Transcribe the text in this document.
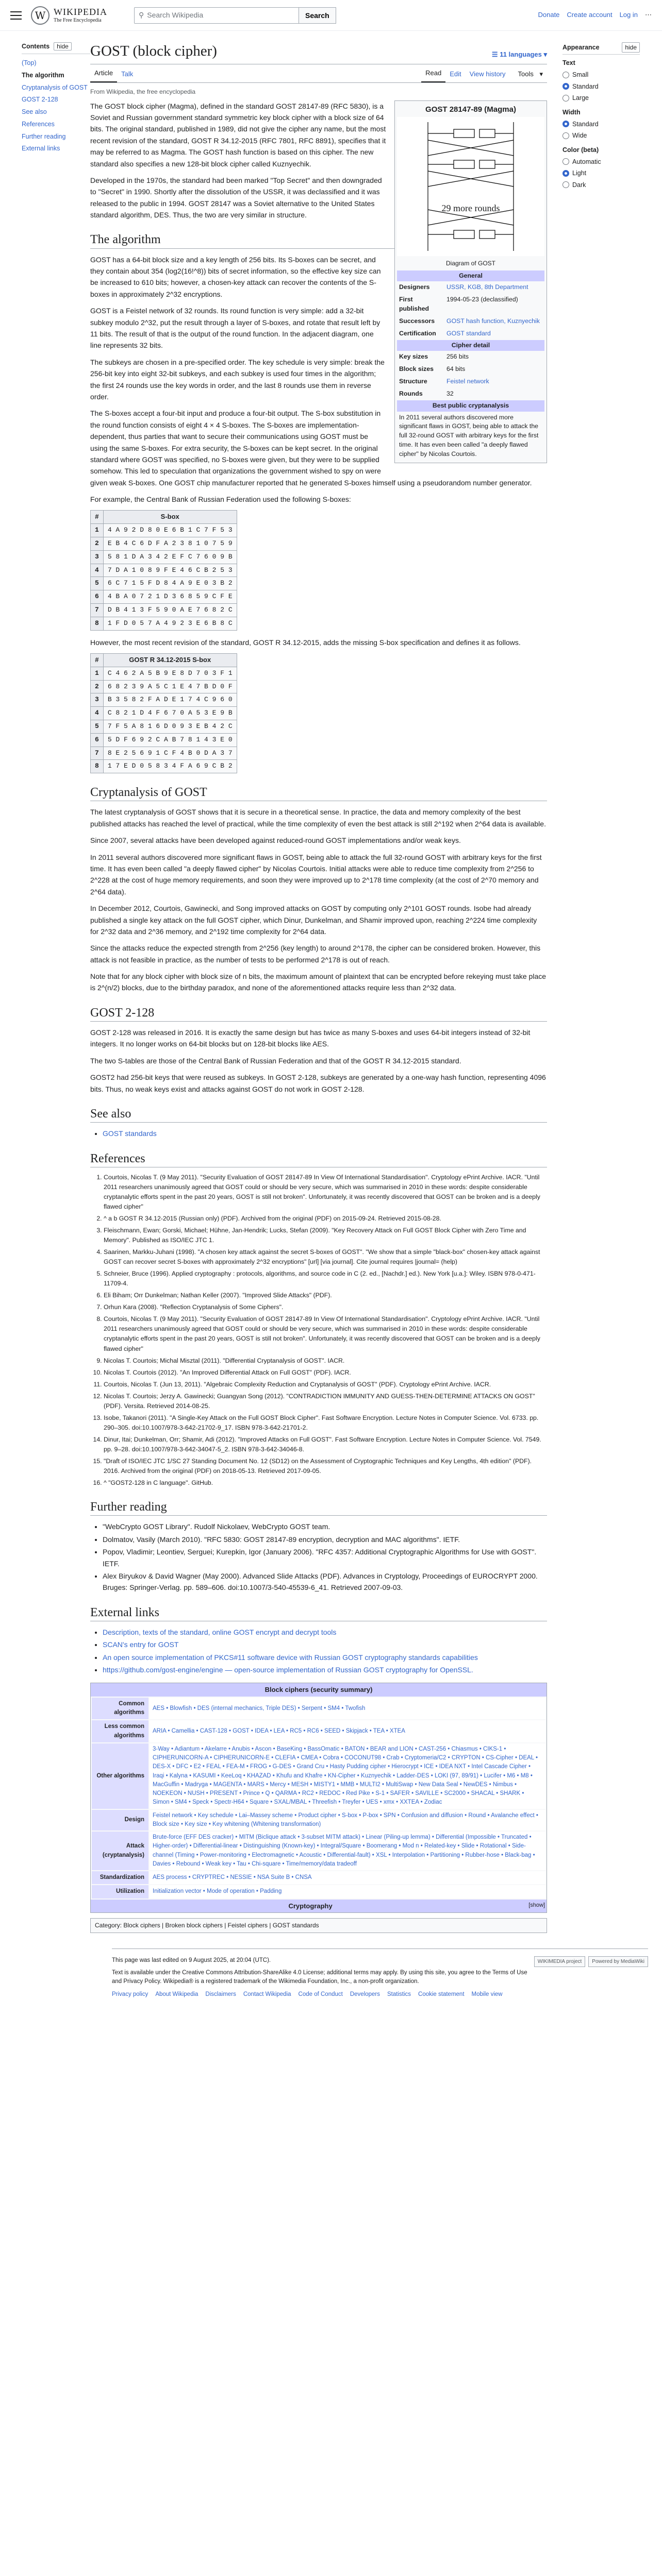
W WIKIPEDIA
The Free Encyclopedia
⚲ Search Wikipedia	Search	Donate Create account Log in ⋯
Contents hide
(Top)
The algorithm
Cryptanalysis of GOST
GOST 2-128
See also
References
Further reading
External links
GOST (block cipher)	☰ 11 languages ▾
Article	Talk	Read	Edit	View history	Tools ▾
From Wikipedia, the free encyclopedia
GOST 28147-89 (Magma)
29 more rounds
Diagram of GOST
General
Designers	USSR, KGB, 8th Department
First published	1994-05-23 (declassified)
Successors	GOST hash function, Kuznyechik
Certification	GOST standard
Cipher detail
Key sizes	256 bits
Block sizes	64 bits
Structure	Feistel network
Rounds	32
Best public cryptanalysis
In 2011 several authors discovered more significant flaws in GOST, being able to attack the full 32-round GOST with arbitrary keys for the first time. It has even been called "a deeply flawed cipher" by Nicolas Courtois.

The GOST block cipher (Magma), defined in the standard GOST 28147-89 (RFC 5830), is a Soviet and Russian government standard symmetric key block cipher with a block size of 64 bits. The original standard, published in 1989, did not give the cipher any name, but the most recent revision of the standard, GOST R 34.12-2015 (RFC 7801, RFC 8891), specifies that it may be referred to as Magma. The GOST hash function is based on this cipher. The new standard also specifies a new 128-bit block cipher called Kuznyechik.

Developed in the 1970s, the standard had been marked "Top Secret" and then downgraded to "Secret" in 1990. Shortly after the dissolution of the USSR, it was declassified and it was released to the public in 1994. GOST 28147 was a Soviet alternative to the United States standard algorithm, DES. Thus, the two are very similar in structure.

The algorithm

GOST has a 64-bit block size and a key length of 256 bits. Its S-boxes can be secret, and they contain about 354 (log2(16!^8)) bits of secret information, so the effective key size can be increased to 610 bits; however, a chosen-key attack can recover the contents of the S-boxes in approximately 2^32 encryptions.

GOST is a Feistel network of 32 rounds. Its round function is very simple: add a 32-bit subkey modulo 2^32, put the result through a layer of S-boxes, and rotate that result left by 11 bits. The result of that is the output of the round function. In the adjacent diagram, one line represents 32 bits.

The subkeys are chosen in a pre-specified order. The key schedule is very simple: break the 256-bit key into eight 32-bit subkeys, and each subkey is used four times in the algorithm; the first 24 rounds use the key words in order, and the last 8 rounds use them in reverse order.

The S-boxes accept a four-bit input and produce a four-bit output. The S-box substitution in the round function consists of eight 4 × 4 S-boxes. The S-boxes are implementation-dependent, thus parties that want to secure their communications using GOST must be using the same S-boxes. For extra security, the S-boxes can be kept secret. In the original standard where GOST was specified, no S-boxes were given, but they were to be supplied somehow. This led to speculation that organizations the government wished to spy on were given weak S-boxes. One GOST chip manufacturer reported that he generated S-boxes himself using a pseudorandom number generator.

For example, the Central Bank of Russian Federation used the following S-boxes:

#	S-box
1	4 A 9 2 D 8 0 E 6 B 1 C 7 F 5 3
2	E B 4 C 6 D F A 2 3 8 1 0 7 5 9
3	5 8 1 D A 3 4 2 E F C 7 6 0 9 B
4	7 D A 1 0 8 9 F E 4 6 C B 2 5 3
5	6 C 7 1 5 F D 8 4 A 9 E 0 3 B 2
6	4 B A 0 7 2 1 D 3 6 8 5 9 C F E
7	D B 4 1 3 F 5 9 0 A E 7 6 8 2 C
8	1 F D 0 5 7 A 4 9 2 3 E 6 B 8 C

However, the most recent revision of the standard, GOST R 34.12-2015, adds the missing S-box specification and defines it as follows.

#	GOST R 34.12-2015 S-box
1	C 4 6 2 A 5 B 9 E 8 D 7 0 3 F 1
2	6 8 2 3 9 A 5 C 1 E 4 7 B D 0 F
3	B 3 5 8 2 F A D E 1 7 4 C 9 6 0
4	C 8 2 1 D 4 F 6 7 0 A 5 3 E 9 B
5	7 F 5 A 8 1 6 D 0 9 3 E B 4 2 C
6	5 D F 6 9 2 C A B 7 8 1 4 3 E 0
7	8 E 2 5 6 9 1 C F 4 B 0 D A 3 7
8	1 7 E D 0 5 8 3 4 F A 6 9 C B 2
Cryptanalysis of GOST

The latest cryptanalysis of GOST shows that it is secure in a theoretical sense. In practice, the data and memory complexity of the best published attacks has reached the level of practical, while the time complexity of even the best attack is still 2^192 when 2^64 data is available.

Since 2007, several attacks have been developed against reduced-round GOST implementations and/or weak keys.

In 2011 several authors discovered more significant flaws in GOST, being able to attack the full 32-round GOST with arbitrary keys for the first time. It has even been called "a deeply flawed cipher" by Nicolas Courtois. Initial attacks were able to reduce time complexity from 2^256 to 2^228 at the cost of huge memory requirements, and soon they were improved up to 2^178 time complexity (at the cost of 2^70 memory and 2^64 data).

In December 2012, Courtois, Gawinecki, and Song improved attacks on GOST by computing only 2^101 GOST rounds. Isobe had already published a single key attack on the full GOST cipher, which Dinur, Dunkelman, and Shamir improved upon, reaching 2^224 time complexity for 2^32 data and 2^36 memory, and 2^192 time complexity for 2^64 data.

Since the attacks reduce the expected strength from 2^256 (key length) to around 2^178, the cipher can be considered broken. However, this attack is not feasible in practice, as the number of tests to be performed 2^178 is out of reach.

Note that for any block cipher with block size of n bits, the maximum amount of plaintext that can be encrypted before rekeying must take place is 2^(n/2) blocks, due to the birthday paradox, and none of the aforementioned attacks require less than 2^32 data.

GOST 2-128

GOST 2-128 was released in 2016. It is exactly the same design but has twice as many S-boxes and uses 64-bit integers instead of 32-bit integers. It no longer works on 64-bit blocks but on 128-bit blocks like AES.

The two S-tables are those of the Central Bank of Russian Federation and that of the GOST R 34.12-2015 standard.

GOST2 had 256-bit keys that were reused as subkeys. In GOST 2-128, subkeys are generated by a one-way hash function, representing 4096 bits. Thus, no weak keys exist and attacks against GOST do not work in GOST 2-128.

See also
• GOST standards
References
1. Courtois, Nicolas T. (9 May 2011). "Security Evaluation of GOST 28147-89 In View Of International Standardisation". Cryptology ePrint Archive. IACR. "Until 2011 researchers unanimously agreed that GOST could or should be very secure, which was summarised in 2010 in these words: despite considerable cryptanalytic efforts spent in the past 20 years, GOST is still not broken". Unfortunately, it was recently discovered that GOST can be broken and is a deeply flawed cipher"
2. ^ a b GOST R 34.12-2015 (Russian only) (PDF). Archived from the original (PDF) on 2015-09-24. Retrieved 2015-08-28.
3. Fleischmann, Ewan; Gorski, Michael; Hühne, Jan-Hendrik; Lucks, Stefan (2009). "Key Recovery Attack on Full GOST Block Cipher with Zero Time and Memory". Published as ISO/IEC JTC 1.
4. Saarinen, Markku-Juhani (1998). "A chosen key attack against the secret S-boxes of GOST". "We show that a simple "black-box" chosen-key attack against GOST can recover secret S-boxes with approximately 2^32 encryptions" [url] [via journal]. Cite journal requires |journal= (help)
5. Schneier, Bruce (1996). Applied cryptography : protocols, algorithms, and source code in C (2. ed., [Nachdr.] ed.). New York [u.a.]: Wiley. ISBN 978-0-471-11709-4.
6. Eli Biham; Orr Dunkelman; Nathan Keller (2007). "Improved Slide Attacks" (PDF).
7. Orhun Kara (2008). "Reflection Cryptanalysis of Some Ciphers".
8. Courtois, Nicolas T. (9 May 2011). "Security Evaluation of GOST 28147-89 In View Of International Standardisation". Cryptology ePrint Archive. IACR. "Until 2011 researchers unanimously agreed that GOST could or should be very secure, which was summarised in 2010 in these words: despite considerable cryptanalytic efforts spent in the past 20 years, GOST is still not broken". Unfortunately, it was recently discovered that GOST can be broken and is a deeply flawed cipher"
9. Nicolas T. Courtois; Michal Misztal (2011). "Differential Cryptanalysis of GOST". IACR.
10. Nicolas T. Courtois (2012). "An Improved Differential Attack on Full GOST" (PDF). IACR.
11. Courtois, Nicolas T. (Jun 13, 2011). "Algebraic Complexity Reduction and Cryptanalysis of GOST" (PDF). Cryptology ePrint Archive. IACR.
12. Nicolas T. Courtois; Jerzy A. Gawinecki; Guangyan Song (2012). "CONTRADICTION IMMUNITY AND GUESS-THEN-DETERMINE ATTACKS ON GOST" (PDF). Versita. Retrieved 2014-08-25.
13. Isobe, Takanori (2011). "A Single-Key Attack on the Full GOST Block Cipher". Fast Software Encryption. Lecture Notes in Computer Science. Vol. 6733. pp. 290–305. doi:10.1007/978-3-642-21702-9_17. ISBN 978-3-642-21701-2.
14. Dinur, Itai; Dunkelman, Orr; Shamir, Adi (2012). "Improved Attacks on Full GOST". Fast Software Encryption. Lecture Notes in Computer Science. Vol. 7549. pp. 9–28. doi:10.1007/978-3-642-34047-5_2. ISBN 978-3-642-34046-8.
15. "Draft of ISO/IEC JTC 1/SC 27 Standing Document No. 12 (SD12) on the Assessment of Cryptographic Techniques and Key Lengths, 4th edition" (PDF). 2016. Archived from the original (PDF) on 2018-05-13. Retrieved 2017-09-05.
16. ^ "GOST2-128 in C language". GitHub.
Further reading
• "WebCrypto GOST Library". Rudolf Nickolaev, WebCrypto GOST team.
• Dolmatov, Vasily (March 2010). "RFC 5830: GOST 28147-89 encryption, decryption and MAC algorithms". IETF.
• Popov, Vladimir; Leontiev, Serguei; Kurepkin, Igor (January 2006). "RFC 4357: Additional Cryptographic Algorithms for Use with GOST". IETF.
• Alex Biryukov & David Wagner (May 2000). Advanced Slide Attacks (PDF). Advances in Cryptology, Proceedings of EUROCRYPT 2000. Bruges: Springer-Verlag. pp. 589–606. doi:10.1007/3-540-45539-6_41. Retrieved 2007-09-03.
External links
• Description, texts of the standard, online GOST encrypt and decrypt tools
• SCAN's entry for GOST
• An open source implementation of PKCS#11 software device with Russian GOST cryptography standards capabilities
• https://github.com/gost-engine/engine — open-source implementation of Russian GOST cryptography for OpenSSL.
Block ciphers (security summary)
Common algorithms	AES • Blowfish • DES (internal mechanics, Triple DES) • Serpent • SM4 • Twofish
Less common algorithms	ARIA • Camellia • CAST-128 • GOST • IDEA • LEA • RC5 • RC6 • SEED • Skipjack • TEA • XTEA
Other algorithms	3-Way • Adiantum • Akelarre • Anubis • Ascon • BaseKing • BassOmatic • BATON • BEAR and LION • CAST-256 • Chiasmus • CIKS-1 • CIPHERUNICORN-A • CIPHERUNICORN-E • CLEFIA • CMEA • Cobra • COCONUT98 • Crab • Cryptomeria/C2 • CRYPTON • CS-Cipher • DEAL • DES-X • DFC • E2 • FEAL • FEA-M • FROG • G-DES • Grand Cru • Hasty Pudding cipher • Hierocrypt • ICE • IDEA NXT • Intel Cascade Cipher • Iraqi • Kalyna • KASUMI • KeeLoq • KHAZAD • Khufu and Khafre • KN-Cipher • Kuznyechik • Ladder-DES • LOKI (97, 89/91) • Lucifer • M6 • M8 • MacGuffin • Madryga • MAGENTA • MARS • Mercy • MESH • MISTY1 • MMB • MULTI2 • MultiSwap • New Data Seal • NewDES • Nimbus • NOEKEON • NUSH • PRESENT • Prince • Q • QARMA • RC2 • REDOC • Red Pike • S-1 • SAFER • SAVILLE • SC2000 • SHACAL • SHARK • Simon • SM4 • Speck • Spectr-H64 • Square • SXAL/MBAL • Threefish • Treyfer • UES • xmx • XXTEA • Zodiac
Design	Feistel network • Key schedule • Lai–Massey scheme • Product cipher • S-box • P-box • SPN • Confusion and diffusion • Round • Avalanche effect • Block size • Key size • Key whitening (Whitening transformation)
Attack (cryptanalysis)	Brute-force (EFF DES cracker) • MITM (Biclique attack • 3-subset MITM attack) • Linear (Piling-up lemma) • Differential (Impossible • Truncated • Higher-order) • Differential-linear • Distinguishing (Known-key) • Integral/Square • Boomerang • Mod n • Related-key • Slide • Rotational • Side-channel (Timing • Power-monitoring • Electromagnetic • Acoustic • Differential-fault) • XSL • Interpolation • Partitioning • Rubber-hose • Black-bag • Davies • Rebound • Weak key • Tau • Chi-square • Time/memory/data tradeoff
Standardization	AES process • CRYPTREC • NESSIE • NSA Suite B • CNSA
Utilization	Initialization vector • Mode of operation • Padding
Cryptography	[show]
Category: Block ciphers | Broken block ciphers | Feistel ciphers | GOST standards
Appearance	hide
Text
Small
Standard
Large
Width
Standard
Wide
Color (beta)
Automatic
Light
Dark
WIKIMEDIA project	Powered by MediaWiki
This page was last edited on 9 August 2025, at 20:04 (UTC).
Text is available under the Creative Commons Attribution-ShareAlike 4.0 License; additional terms may apply. By using this site, you agree to the Terms of Use and Privacy Policy. Wikipedia® is a registered trademark of the Wikimedia Foundation, Inc., a non-profit organization.
Privacy policy About Wikipedia Disclaimers Contact Wikipedia Code of Conduct Developers Statistics Cookie statement Mobile view
